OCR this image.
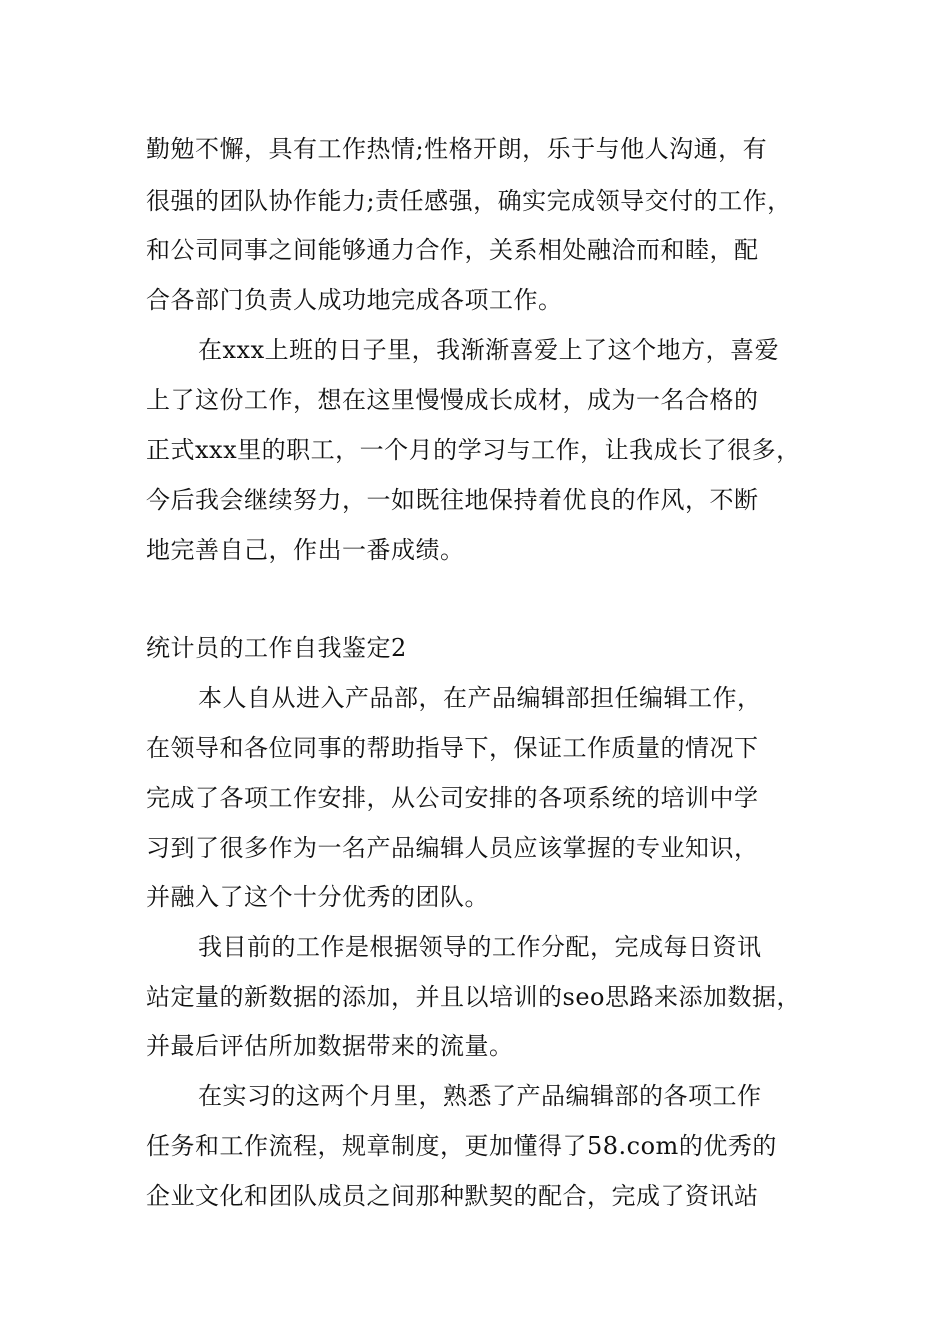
勤勉不懈，具有工作热情;性格开朗，乐于与他人沟通，有
很强的团队协作能力;责任感强，确实完成领导交付的工作，
和公司同事之间能够通力合作，关系相处融洽而和睦，配
合各部门负责人成功地完成各项工作。
在xxx上班的日子里，我渐渐喜爱上了这个地方，喜爱
上了这份工作，想在这里慢慢成长成材，成为一名合格的
正式xxx里的职工，一个月的学习与工作，让我成长了很多，
今后我会继续努力，一如既往地保持着优良的作风，不断
地完善自己，作出一番成绩。
统计员的工作自我鉴定2
本人自从进入产品部，在产品编辑部担任编辑工作，
在领导和各位同事的帮助指导下，保证工作质量的情况下
完成了各项工作安排，从公司安排的各项系统的培训中学
习到了很多作为一名产品编辑人员应该掌握的专业知识，
并融入了这个十分优秀的团队。
我目前的工作是根据领导的工作分配，完成每日资讯
站定量的新数据的添加，并且以培训的seo思路来添加数据，
并最后评估所加数据带来的流量。
在实习的这两个月里，熟悉了产品编辑部的各项工作
任务和工作流程，规章制度，更加懂得了58.com的优秀的
企业文化和团队成员之间那种默契的配合，完成了资讯站
